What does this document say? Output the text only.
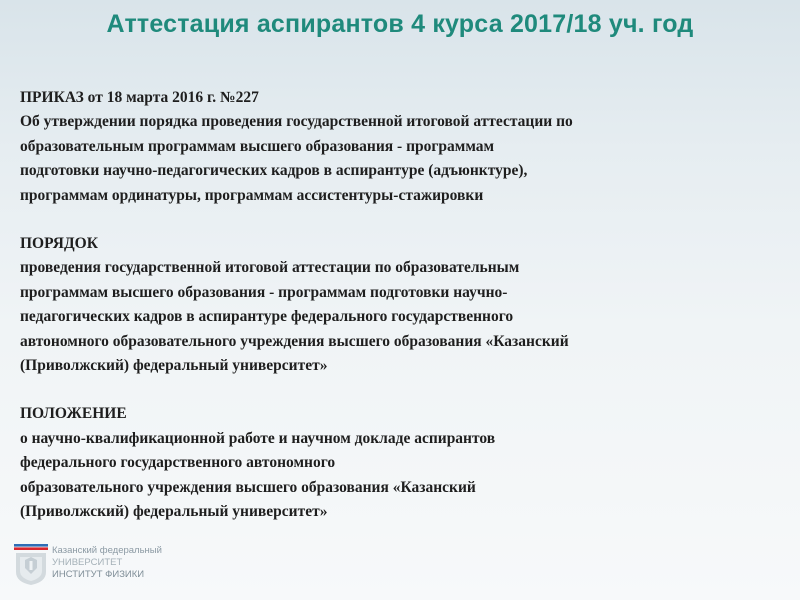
Аттестация аспирантов 4 курса 2017/18 уч. год
ПРИКАЗ от 18 марта 2016 г. №227
Об утверждении порядка проведения государственной итоговой аттестации по
образовательным программам высшего образования - программам
подготовки научно-педагогических кадров в аспирантуре (адъюнктуре),
программам ординатуры, программам ассистентуры-стажировки
ПОРЯДОК
проведения государственной итоговой аттестации по образовательным
программам высшего образования - программам подготовки научно-
педагогических кадров в аспирантуре федерального государственного
автономного образовательного учреждения высшего образования «Казанский
(Приволжский) федеральный университет»
ПОЛОЖЕНИЕ
о научно-квалификационной работе и научном докладе аспирантов
федерального государственного автономного
образовательного учреждения высшего образования «Казанский
(Приволжский) федеральный университет»
Казанский федеральный
УНИВЕРСИТЕТ
ИНСТИТУТ ФИЗИКИ
